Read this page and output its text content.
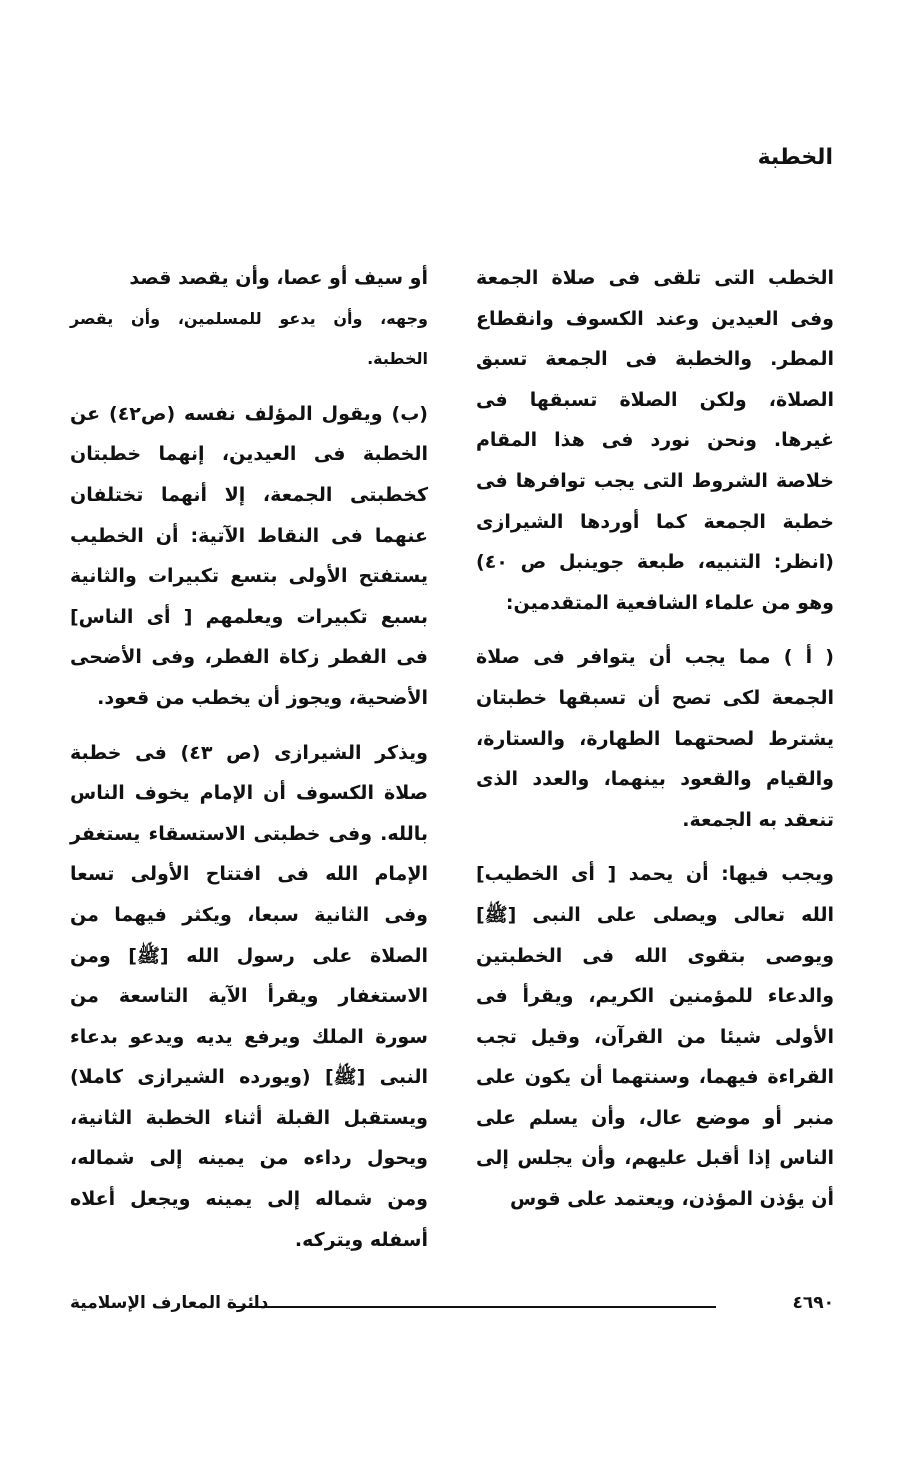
الخطبة

الخطب التى تلقى فى صلاة الجمعة وفى العيدين وعند الكسوف وانقطاع المطر. والخطبة فى الجمعة تسبق الصلاة، ولكن الصلاة تسبقها فى غيرها. ونحن نورد فى هذا المقام خلاصة الشروط التى يجب توافرها فى خطبة الجمعة كما أوردها الشيرازى (انظر: التنبيه، طبعة جوينبل ص ٤٠) وهو من علماء الشافعية المتقدمين:

( أ ) مما يجب أن يتوافر فى صلاة الجمعة لكى تصح أن تسبقها خطبتان يشترط لصحتهما الطهارة، والستارة، والقيام والقعود بينهما، والعدد الذى تنعقد به الجمعة.

ويجب فيها: أن يحمد [ أى الخطيب] الله تعالى ويصلى على النبى [ﷺ] ويوصى بتقوى الله فى الخطبتين والدعاء للمؤمنين الكريم، ويقرأ فى الأولى شيئا من القرآن، وقيل تجب القراءة فيهما، وسنتهما أن يكون على منبر أو موضع عال، وأن يسلم على الناس إذا أقبل عليهم، وأن يجلس إلى أن يؤذن المؤذن، ويعتمد على قوس

أو سيف أو عصا، وأن يقصد قصد

وجهه، وأن يدعو للمسلمين، وأن يقصر الخطبة.

(ب) ويقول المؤلف نفسه (ص٤٢) عن الخطبة فى العيدين، إنهما خطبتان كخطبتى الجمعة، إلا أنهما تختلفان عنهما فى النقاط الآتية: أن الخطيب يستفتح الأولى بتسع تكبيرات والثانية بسبع تكبيرات ويعلمهم [ أى الناس] فى الفطر زكاة الفطر، وفى الأضحى الأضحية، ويجوز أن يخطب من قعود.

ويذكر الشيرازى (ص ٤٣) فى خطبة صلاة الكسوف أن الإمام يخوف الناس بالله. وفى خطبتى الاستسقاء يستغفر الإمام الله فى افتتاح الأولى تسعا وفى الثانية سبعا، ويكثر فيهما من الصلاة على رسول الله [ﷺ] ومن الاستغفار ويقرأ الآية التاسعة من سورة الملك ويرفع يديه ويدعو بدعاء النبى [ﷺ] (ويورده الشيرازى كاملا) ويستقبل القبلة أثناء الخطبة الثانية، ويحول رداءه من يمينه إلى شماله، ومن شماله إلى يمينه ويجعل أعلاه أسفله ويتركه.

٤٦٩٠
دائرة المعارف الإسلامية
